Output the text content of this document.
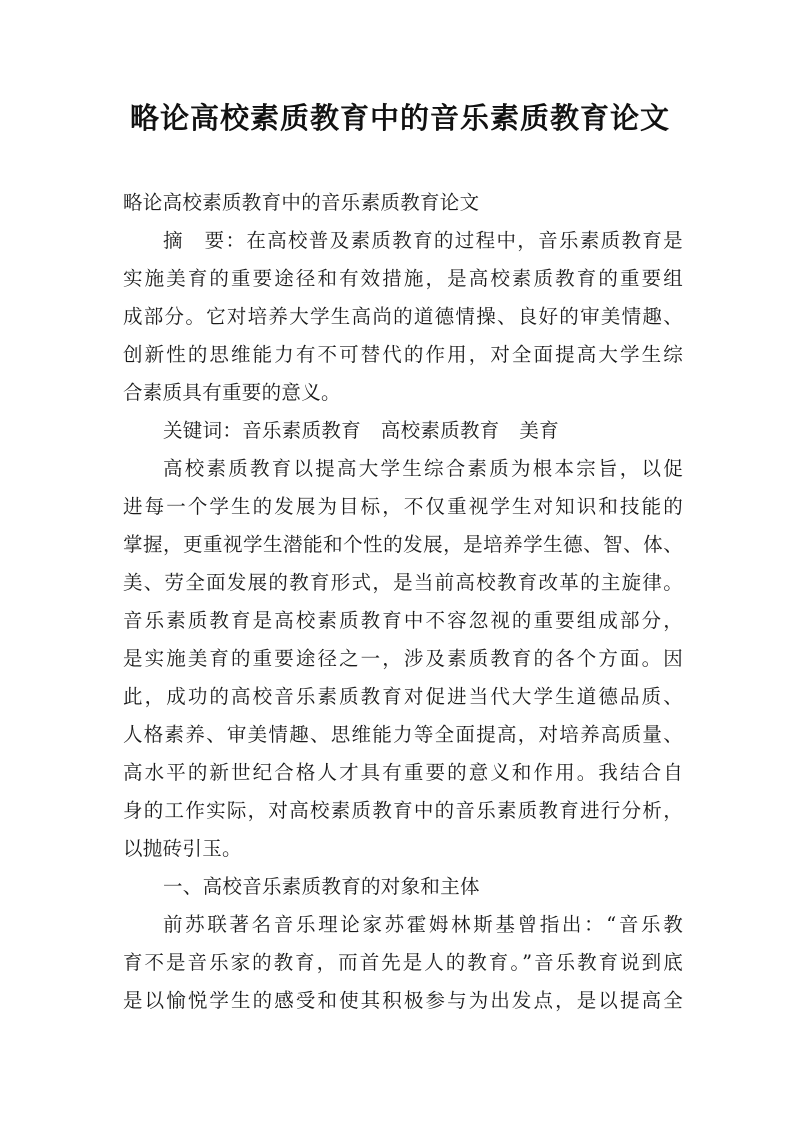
略论高校素质教育中的音乐素质教育论文
略论高校素质教育中的音乐素质教育论文
摘　要：在高校普及素质教育的过程中，音乐素质教育是
实施美育的重要途径和有效措施，是高校素质教育的重要组
成部分。它对培养大学生高尚的道德情操、良好的审美情趣、
创新性的思维能力有不可替代的作用，对全面提高大学生综
合素质具有重要的意义。
关键词：音乐素质教育　高校素质教育　美育
高校素质教育以提高大学生综合素质为根本宗旨，以促
进每一个学生的发展为目标，不仅重视学生对知识和技能的
掌握，更重视学生潜能和个性的发展，是培养学生德、智、体、
美、劳全面发展的教育形式，是当前高校教育改革的主旋律。
音乐素质教育是高校素质教育中不容忽视的重要组成部分，
是实施美育的重要途径之一，涉及素质教育的各个方面。因
此，成功的高校音乐素质教育对促进当代大学生道德品质、
人格素养、审美情趣、思维能力等全面提高，对培养高质量、
高水平的新世纪合格人才具有重要的意义和作用。我结合自
身的工作实际，对高校素质教育中的音乐素质教育进行分析，
以抛砖引玉。
一、高校音乐素质教育的对象和主体
前苏联著名音乐理论家苏霍姆林斯基曾指出：“音乐教
育不是音乐家的教育，而首先是人的教育。”音乐教育说到底
是以愉悦学生的感受和使其积极参与为出发点，是以提高全
